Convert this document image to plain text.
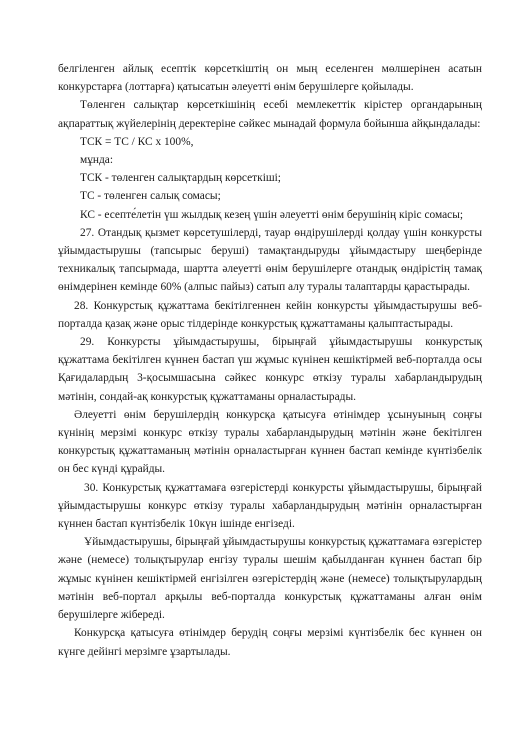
белгіленген айлық есептік көрсеткіштің он мың еселенген мөлшерінен асатын конкурстарға (лоттарға) қатысатын әлеуетті өнім берушілерге қойылады.

Төленген салықтар көрсеткішінің есебі мемлекеттік кірістер органдарының ақпараттық жүйелерінің деректеріне сәйкес мынадай формула бойынша айқындалады:

ТСК = ТС / КС х 100%,

мұнда:

ТСК - төленген салықтардың көрсеткіші;

ТС - төленген салық сомасы;

КС - есепте́летін үш жылдық кезең үшін әлеуетті өнім берушінің кіріс сомасы;

27. Отандық қызмет көрсетушілерді, тауар өндірушілерді қолдау үшін конкурсты ұйымдастырушы (тапсырыс беруші) тамақтандыруды ұйымдастыру шеңберінде техникалық тапсырмада, шартта әлеуетті өнім берушілерге отандық өндірістің тамақ өнімдерінен кемінде 60% (алпыс пайыз) сатып алу туралы талаптарды қарастырады.

28. Конкурстық құжаттама бекітілгеннен кейін конкурсты ұйымдастырушы веб-порталда қазақ және орыс тілдерінде конкурстық құжаттаманы қалыптастырады.

29. Конкурсты ұйымдастырушы, бірыңғай ұйымдастырушы конкурстық құжаттама бекітілген күннен бастап үш жұмыс күнінен кешіктірмей веб-порталда осы Қағидалардың 3-қосымшасына сәйкес конкурс өткізу туралы хабарландырудың мәтінін, сондай-ақ конкурстық құжаттаманы орналастырады.

Әлеуетті өнім берушілердің конкурсқа қатысуға өтінімдер ұсынуының соңғы күнінің мерзімі конкурс өткізу туралы хабарландырудың мәтінін және бекітілген конкурстық құжаттаманың мәтінін орналастырған күннен бастап кемінде күнтізбелік он бес күнді құрайды.

30. Конкурстық құжаттамаға өзгерістерді конкурсты ұйымдастырушы, бірыңғай ұйымдастырушы конкурс өткізу туралы хабарландырудың мәтінін орналастырған күннен бастап күнтізбелік 10күн ішінде енгізеді.

Ұйымдастырушы, бірыңғай ұйымдастырушы конкурстық құжаттамаға өзгерістер және (немесе) толықтырулар енгізу туралы шешім қабылданған күннен бастап бір жұмыс күнінен кешіктірмей енгізілген өзгерістердің және (немесе) толықтырулардың мәтінін веб-портал арқылы веб-порталда конкурстық құжаттаманы алған өнім берушілерге жібереді.

Конкурсқа қатысуға өтінімдер берудің соңғы мерзімі күнтізбелік бес күннен он күнге дейінгі мерзімге ұзартылады.
